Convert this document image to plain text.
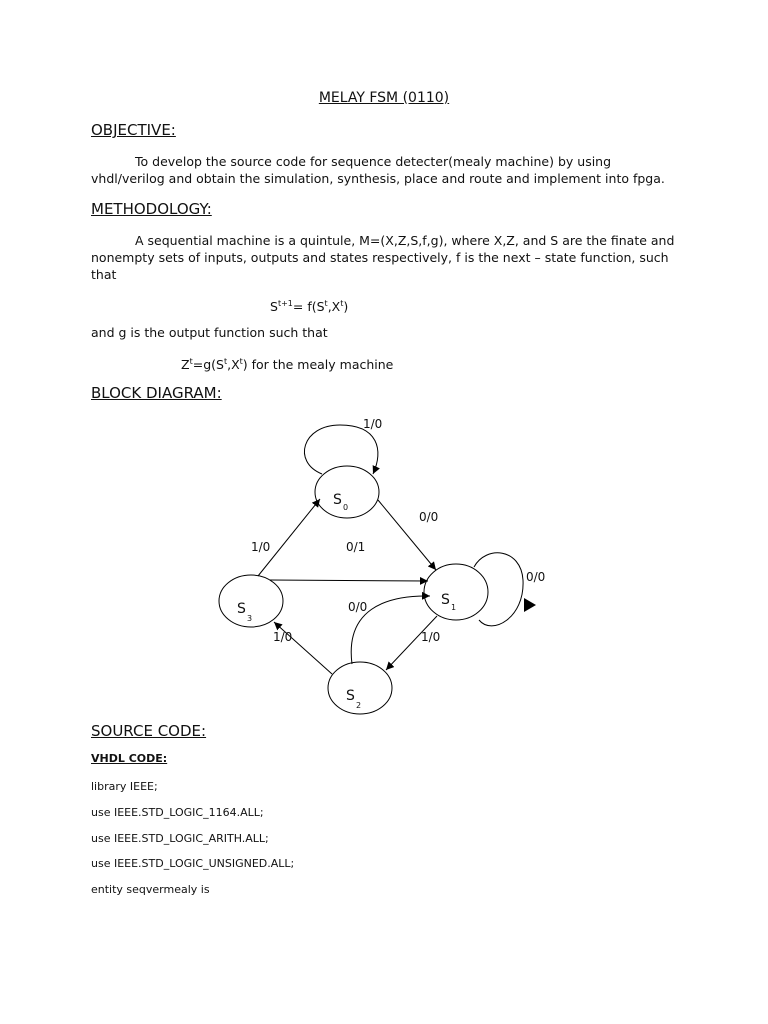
MELAY FSM (0110)
OBJECTIVE:
To develop the source code for sequence detecter(mealy machine) by using
vhdl/verilog and obtain the simulation, synthesis, place and route and implement into fpga.
METHODOLOGY:
A sequential machine is a quintule, M=(X,Z,S,f,g), where X,Z, and S are the finate and
nonempty sets of inputs, outputs and states respectively, f is the next – state function, such
that
$S^{t+1}= f(S^t,X^t)$
and g is the output function such that
$Z^t=g(S^t,X^t)$ for the mealy machine
BLOCK DIAGRAM:
S 0
S 1
S
2
S
3
1/0
0/0
0/1
1/0
0/0
0/0
1/0
1/0
SOURCE CODE:
VHDL CODE:
library IEEE;
use IEEE.STD_LOGIC_1164.ALL;
use IEEE.STD_LOGIC_ARITH.ALL;
use IEEE.STD_LOGIC_UNSIGNED.ALL;
entity seqvermealy is
